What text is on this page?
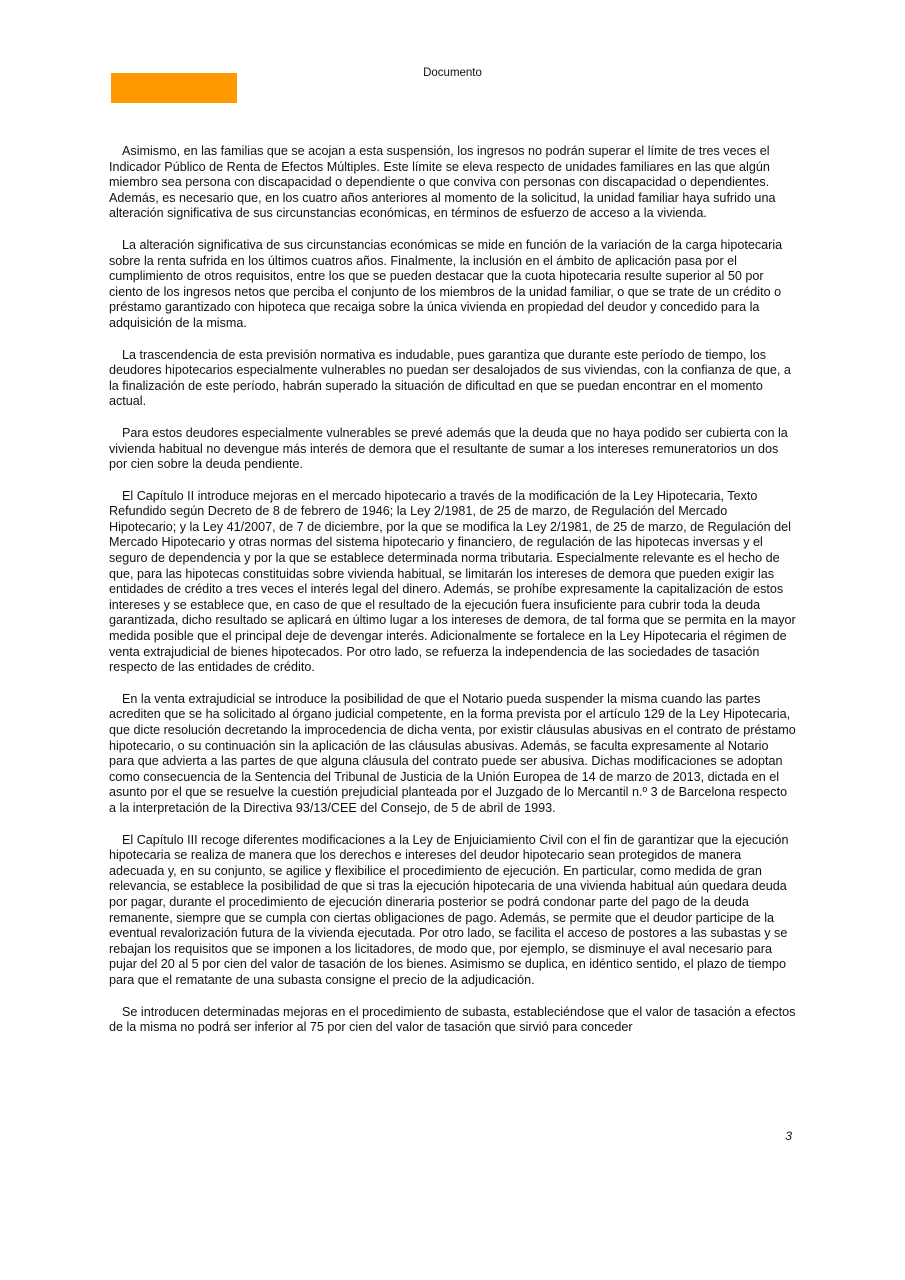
Documento

Asimismo, en las familias que se acojan a esta suspensión, los ingresos no podrán superar el límite de tres veces el Indicador Público de Renta de Efectos Múltiples. Este límite se eleva respecto de unidades familiares en las que algún miembro sea persona con discapacidad o dependiente o que conviva con personas con discapacidad o dependientes. Además, es necesario que, en los cuatro años anteriores al momento de la solicitud, la unidad familiar haya sufrido una alteración significativa de sus circunstancias económicas, en términos de esfuerzo de acceso a la vivienda.

La alteración significativa de sus circunstancias económicas se mide en función de la variación de la carga hipotecaria sobre la renta sufrida en los últimos cuatros años. Finalmente, la inclusión en el ámbito de aplicación pasa por el cumplimiento de otros requisitos, entre los que se pueden destacar que la cuota hipotecaria resulte superior al 50 por ciento de los ingresos netos que perciba el conjunto de los miembros de la unidad familiar, o que se trate de un crédito o préstamo garantizado con hipoteca que recaiga sobre la única vivienda en propiedad del deudor y concedido para la adquisición de la misma.

La trascendencia de esta previsión normativa es indudable, pues garantiza que durante este período de tiempo, los deudores hipotecarios especialmente vulnerables no puedan ser desalojados de sus viviendas, con la confianza de que, a la finalización de este período, habrán superado la situación de dificultad en que se puedan encontrar en el momento actual.

Para estos deudores especialmente vulnerables se prevé además que la deuda que no haya podido ser cubierta con la vivienda habitual no devengue más interés de demora que el resultante de sumar a los intereses remuneratorios un dos por cien sobre la deuda pendiente.

El Capítulo II introduce mejoras en el mercado hipotecario a través de la modificación de la Ley Hipotecaria, Texto Refundido según Decreto de 8 de febrero de 1946; la Ley 2/1981, de 25 de marzo, de Regulación del Mercado Hipotecario; y la Ley 41/2007, de 7 de diciembre, por la que se modifica la Ley 2/1981, de 25 de marzo, de Regulación del Mercado Hipotecario y otras normas del sistema hipotecario y financiero, de regulación de las hipotecas inversas y el seguro de dependencia y por la que se establece determinada norma tributaria. Especialmente relevante es el hecho de que, para las hipotecas constituidas sobre vivienda habitual, se limitarán los intereses de demora que pueden exigir las entidades de crédito a tres veces el interés legal del dinero. Además, se prohíbe expresamente la capitalización de estos intereses y se establece que, en caso de que el resultado de la ejecución fuera insuficiente para cubrir toda la deuda garantizada, dicho resultado se aplicará en último lugar a los intereses de demora, de tal forma que se permita en la mayor medida posible que el principal deje de devengar interés. Adicionalmente se fortalece en la Ley Hipotecaria el régimen de venta extrajudicial de bienes hipotecados. Por otro lado, se refuerza la independencia de las sociedades de tasación respecto de las entidades de crédito.

En la venta extrajudicial se introduce la posibilidad de que el Notario pueda suspender la misma cuando las partes acrediten que se ha solicitado al órgano judicial competente, en la forma prevista por el artículo 129 de la Ley Hipotecaria, que dicte resolución decretando la improcedencia de dicha venta, por existir cláusulas abusivas en el contrato de préstamo hipotecario, o su continuación sin la aplicación de las cláusulas abusivas. Además, se faculta expresamente al Notario para que advierta a las partes de que alguna cláusula del contrato puede ser abusiva. Dichas modificaciones se adoptan como consecuencia de la Sentencia del Tribunal de Justicia de la Unión Europea de 14 de marzo de 2013, dictada en el asunto por el que se resuelve la cuestión prejudicial planteada por el Juzgado de lo Mercantil n.º 3 de Barcelona respecto a la interpretación de la Directiva 93/13/CEE del Consejo, de 5 de abril de 1993.

El Capítulo III recoge diferentes modificaciones a la Ley de Enjuiciamiento Civil con el fin de garantizar que la ejecución hipotecaria se realiza de manera que los derechos e intereses del deudor hipotecario sean protegidos de manera adecuada y, en su conjunto, se agilice y flexibilice el procedimiento de ejecución. En particular, como medida de gran relevancia, se establece la posibilidad de que si tras la ejecución hipotecaria de una vivienda habitual aún quedara deuda por pagar, durante el procedimiento de ejecución dineraria posterior se podrá condonar parte del pago de la deuda remanente, siempre que se cumpla con ciertas obligaciones de pago. Además, se permite que el deudor participe de la eventual revalorización futura de la vivienda ejecutada. Por otro lado, se facilita el acceso de postores a las subastas y se rebajan los requisitos que se imponen a los licitadores, de modo que, por ejemplo, se disminuye el aval necesario para pujar del 20 al 5 por cien del valor de tasación de los bienes. Asimismo se duplica, en idéntico sentido, el plazo de tiempo para que el rematante de una subasta consigne el precio de la adjudicación.

Se introducen determinadas mejoras en el procedimiento de subasta, estableciéndose que el valor de tasación a efectos de la misma no podrá ser inferior al 75 por cien del valor de tasación que sirvió para conceder

3
